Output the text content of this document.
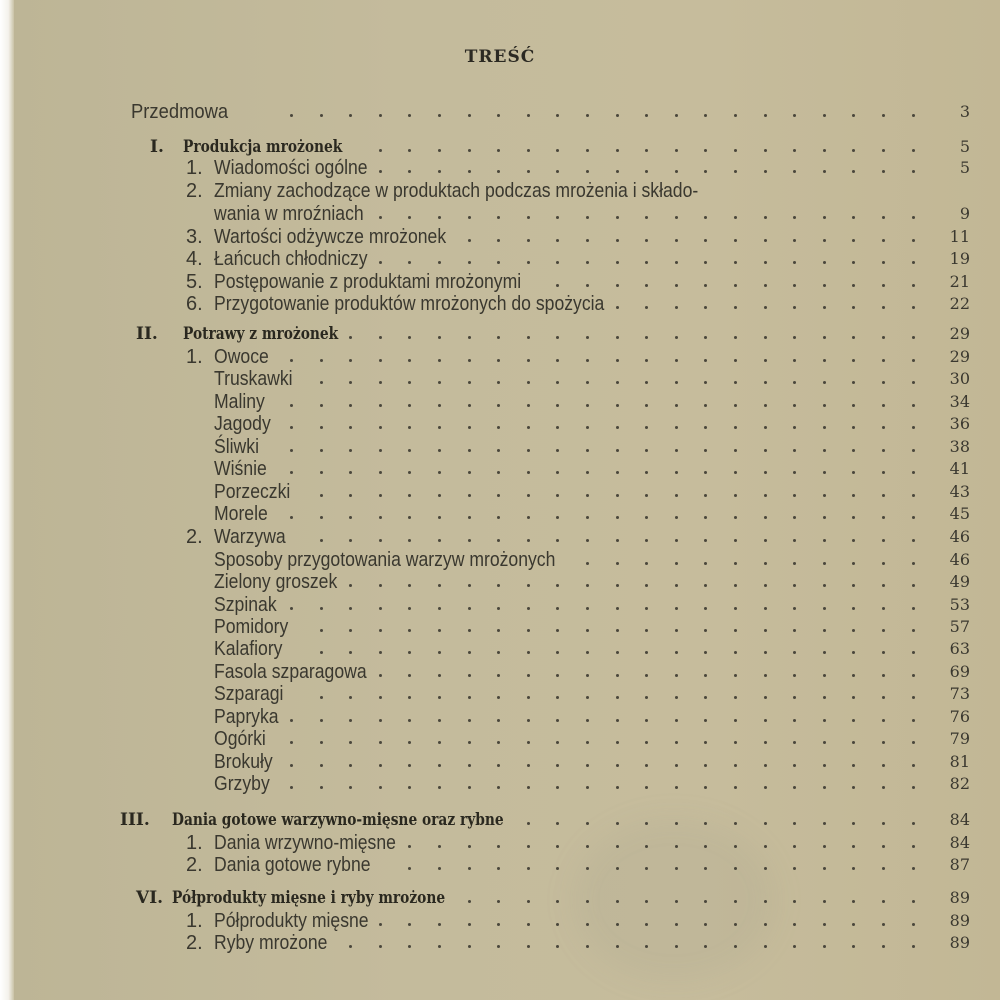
TREŚĆ
Przedmowa	3
I. Produkcja mrożonek	5
1. Wiadomości ogólne	5
2. Zmiany zachodzące w produktach podczas mrożenia i składo-
wania w mroźniach	9
3. Wartości odżywcze mrożonek	11
4. Łańcuch chłodniczy	19
5. Postępowanie z produktami mrożonymi	21
6. Przygotowanie produktów mrożonych do spożycia	22
II. Potrawy z mrożonek	29
1. Owoce	29
Truskawki	30
Maliny	34
Jagody	36
Śliwki	38
Wiśnie	41
Porzeczki	43
Morele	45
2. Warzywa	46
Sposoby przygotowania warzyw mrożonych	46
Zielony groszek	49
Szpinak	53
Pomidory	57
Kalafiory	63
Fasola szparagowa	69
Szparagi	73
Papryka	76
Ogórki	79
Brokuły	81
Grzyby	82
III. Dania gotowe warzywno-mięsne oraz rybne	84
1. Dania wrzywno-mięsne	84
2. Dania gotowe rybne	87
VI. Półprodukty mięsne i ryby mrożone	89
1. Półprodukty mięsne	89
2. Ryby mrożone	89
